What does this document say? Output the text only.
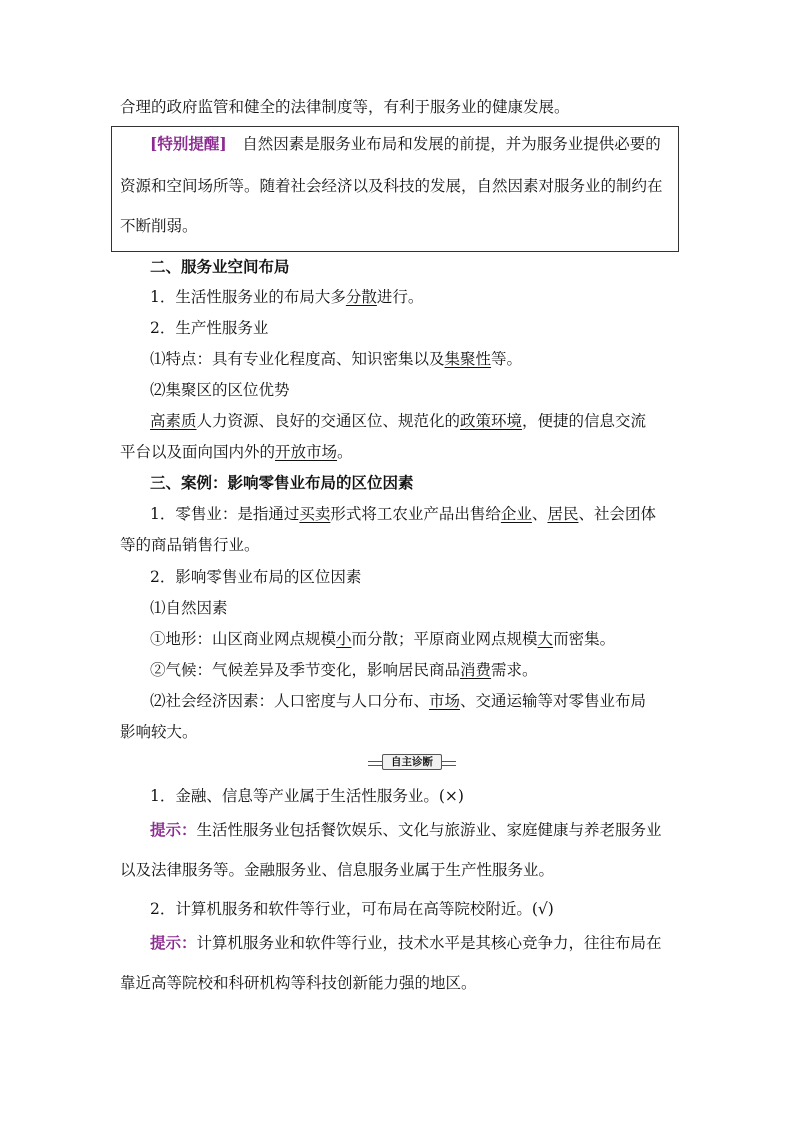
合理的政府监管和健全的法律制度等，有利于服务业的健康发展。
[特别提醒]　 自然因素是服务业布局和发展的前提，并为服务业提供必要的
资源和空间场所等。随着社会经济以及科技的发展，自然因素对服务业的制约在
不断削弱。
二、服务业空间布局
1．生活性服务业的布局大多分散进行。
2．生产性服务业
⑴特点：具有专业化程度高、知识密集以及集聚性等。
⑵集聚区的区位优势
高素质人力资源、良好的交通区位、规范化的政策环境，便捷的信息交流
平台以及面向国内外的开放市场。
三、案例：影响零售业布局的区位因素
1．零售业：是指通过买卖形式将工农业产品出售给企业、居民、社会团体
等的商品销售行业。
2．影响零售业布局的区位因素
⑴自然因素
①地形：山区商业网点规模小而分散；平原商业网点规模大而密集。
②气候：气候差异及季节变化，影响居民商品消费需求。
⑵社会经济因素：人口密度与人口分布、市场、交通运输等对零售业布局
影响较大。
自主诊断
1．金融、信息等产业属于生活性服务业。(×)
提示：生活性服务业包括餐饮娱乐、文化与旅游业、家庭健康与养老服务业
以及法律服务等。金融服务业、信息服务业属于生产性服务业。
2．计算机服务和软件等行业，可布局在高等院校附近。(√)
提示：计算机服务业和软件等行业，技术水平是其核心竞争力，往往布局在
靠近高等院校和科研机构等科技创新能力强的地区。
